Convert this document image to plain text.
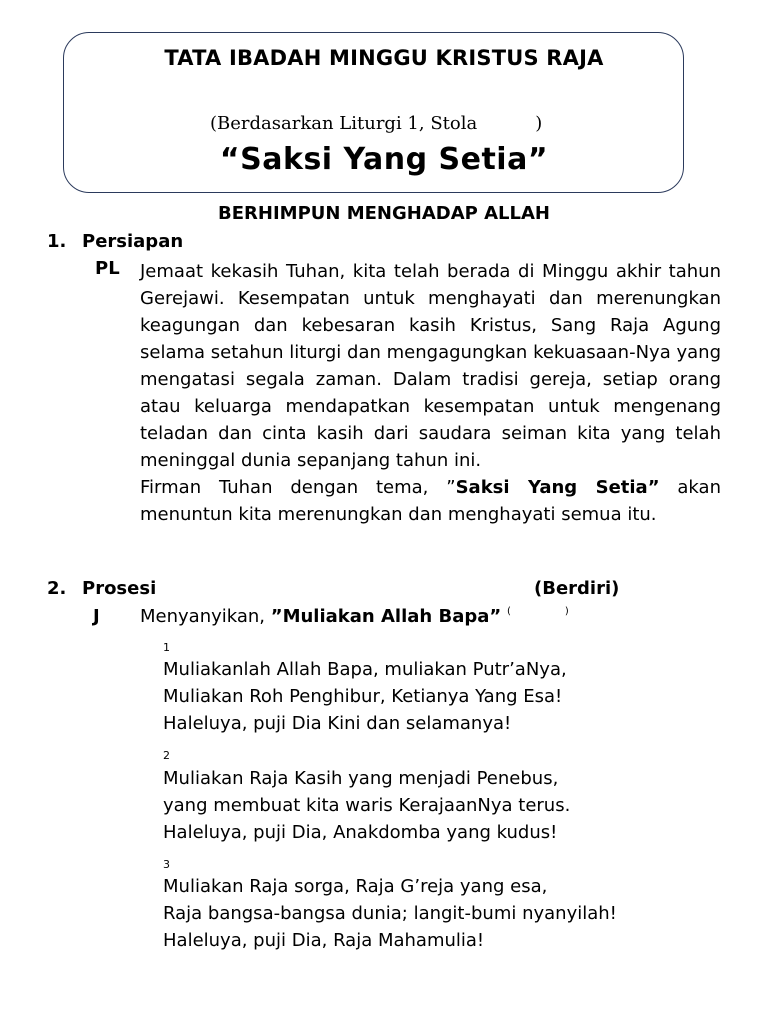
TATA IBADAH MINGGU KRISTUS RAJA
(Berdasarkan Liturgi 1, Stola	)
“Saksi Yang Setia”
BERHIMPUN MENGHADAP ALLAH
1. Persiapan
PL Jemaat kekasih Tuhan, kita telah berada di Minggu akhir tahun Gerejawi. Kesempatan untuk menghayati dan merenungkan keagungan dan kebesaran kasih Kristus, Sang Raja Agung selama setahun liturgi dan mengagungkan kekuasaan-Nya yang mengatasi segala zaman. Dalam tradisi gereja, setiap orang atau keluarga mendapatkan kesempatan untuk mengenang teladan dan cinta kasih dari saudara seiman kita yang telah meninggal dunia sepanjang tahun ini.

Firman Tuhan dengan tema, ”Saksi Yang Setia” akan menuntun kita merenungkan dan menghayati semua itu.

2. Prosesi	(Berdiri)
J Menyanyikan, ”Muliakan Allah Bapa” (	)
1
Muliakanlah Allah Bapa, muliakan Putr’aNya,
Muliakan Roh Penghibur, Ketianya Yang Esa!
Haleluya, puji Dia Kini dan selamanya!
2
Muliakan Raja Kasih yang menjadi Penebus,
yang membuat kita waris KerajaanNya terus.
Haleluya, puji Dia, Anakdomba yang kudus!
3
Muliakan Raja sorga, Raja G’reja yang esa,
Raja bangsa-bangsa dunia; langit-bumi nyanyilah!
Haleluya, puji Dia, Raja Mahamulia!
